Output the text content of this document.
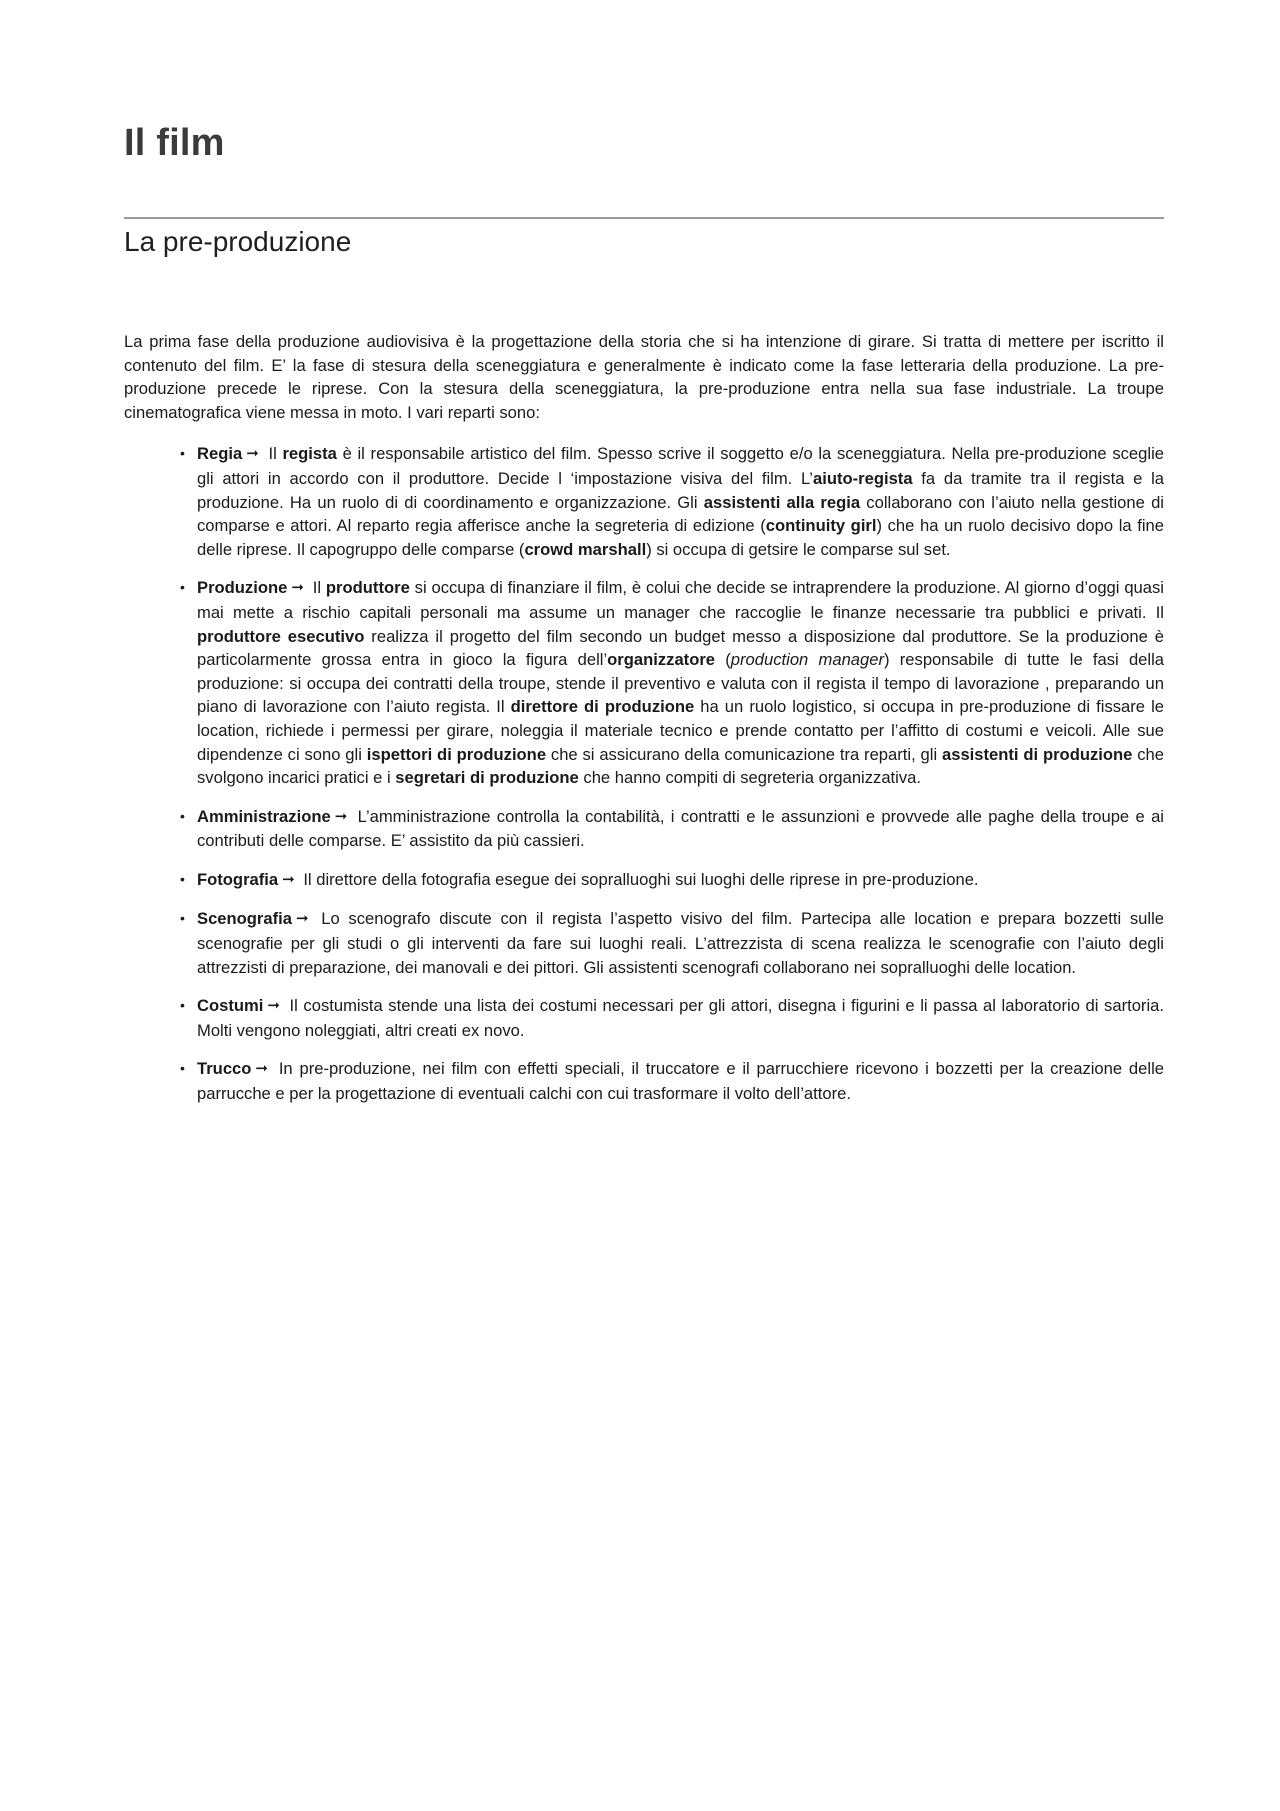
Il film
La pre-produzione

La prima fase della produzione audiovisiva è la progettazione della storia che si ha intenzione di girare. Si tratta di mettere per iscritto il contenuto del film. E’ la fase di stesura della sceneggiatura e generalmente è indicato come la fase letteraria della produzione. La pre-produzione precede le riprese. Con la stesura della sceneggiatura, la pre-produzione entra nella sua fase industriale. La troupe cinematografica viene messa in moto. I vari reparti sono:

• Regia ➞ Il regista è il responsabile artistico del film. Spesso scrive il soggetto e/o la sceneggiatura. Nella pre-produzione sceglie gli attori in accordo con il produttore. Decide l ‘impostazione visiva del film. L’aiuto-regista fa da tramite tra il regista e la produzione. Ha un ruolo di di coordinamento e organizzazione. Gli assistenti alla regia collaborano con l’aiuto nella gestione di comparse e attori. Al reparto regia afferisce anche la segreteria di edizione (continuity girl) che ha un ruolo decisivo dopo la fine delle riprese. Il capogruppo delle comparse (crowd marshall) si occupa di getsire le comparse sul set.
• Produzione ➞ Il produttore si occupa di finanziare il film, è colui che decide se intraprendere la produzione. Al giorno d’oggi quasi mai mette a rischio capitali personali ma assume un manager che raccoglie le finanze necessarie tra pubblici e privati. Il produttore esecutivo realizza il progetto del film secondo un budget messo a disposizione dal produttore. Se la produzione è particolarmente grossa entra in gioco la figura dell’organizzatore (production manager) responsabile di tutte le fasi della produzione: si occupa dei contratti della troupe, stende il preventivo e valuta con il regista il tempo di lavorazione , preparando un piano di lavorazione con l’aiuto regista. Il direttore di produzione ha un ruolo logistico, si occupa in pre-produzione di fissare le location, richiede i permessi per girare, noleggia il materiale tecnico e prende contatto per l’affitto di costumi e veicoli. Alle sue dipendenze ci sono gli ispettori di produzione che si assicurano della comunicazione tra reparti, gli assistenti di produzione che svolgono incarici pratici e i segretari di produzione che hanno compiti di segreteria organizzativa.
• Amministrazione ➞ L’amministrazione controlla la contabilità, i contratti e le assunzioni e provvede alle paghe della troupe e ai contributi delle comparse. E’ assistito da più cassieri.
• Fotografia ➞ Il direttore della fotografia esegue dei sopralluoghi sui luoghi delle riprese in pre-produzione.
• Scenografia ➞ Lo scenografo discute con il regista l’aspetto visivo del film. Partecipa alle location e prepara bozzetti sulle scenografie per gli studi o gli interventi da fare sui luoghi reali. L’attrezzista di scena realizza le scenografie con l’aiuto degli attrezzisti di preparazione, dei manovali e dei pittori. Gli assistenti scenografi collaborano nei sopralluoghi delle location.
• Costumi ➞ Il costumista stende una lista dei costumi necessari per gli attori, disegna i figurini e li passa al laboratorio di sartoria. Molti vengono noleggiati, altri creati ex novo.
• Trucco ➞ In pre-produzione, nei film con effetti speciali, il truccatore e il parrucchiere ricevono i bozzetti per la creazione delle parrucche e per la progettazione di eventuali calchi con cui trasformare il volto dell’attore.
